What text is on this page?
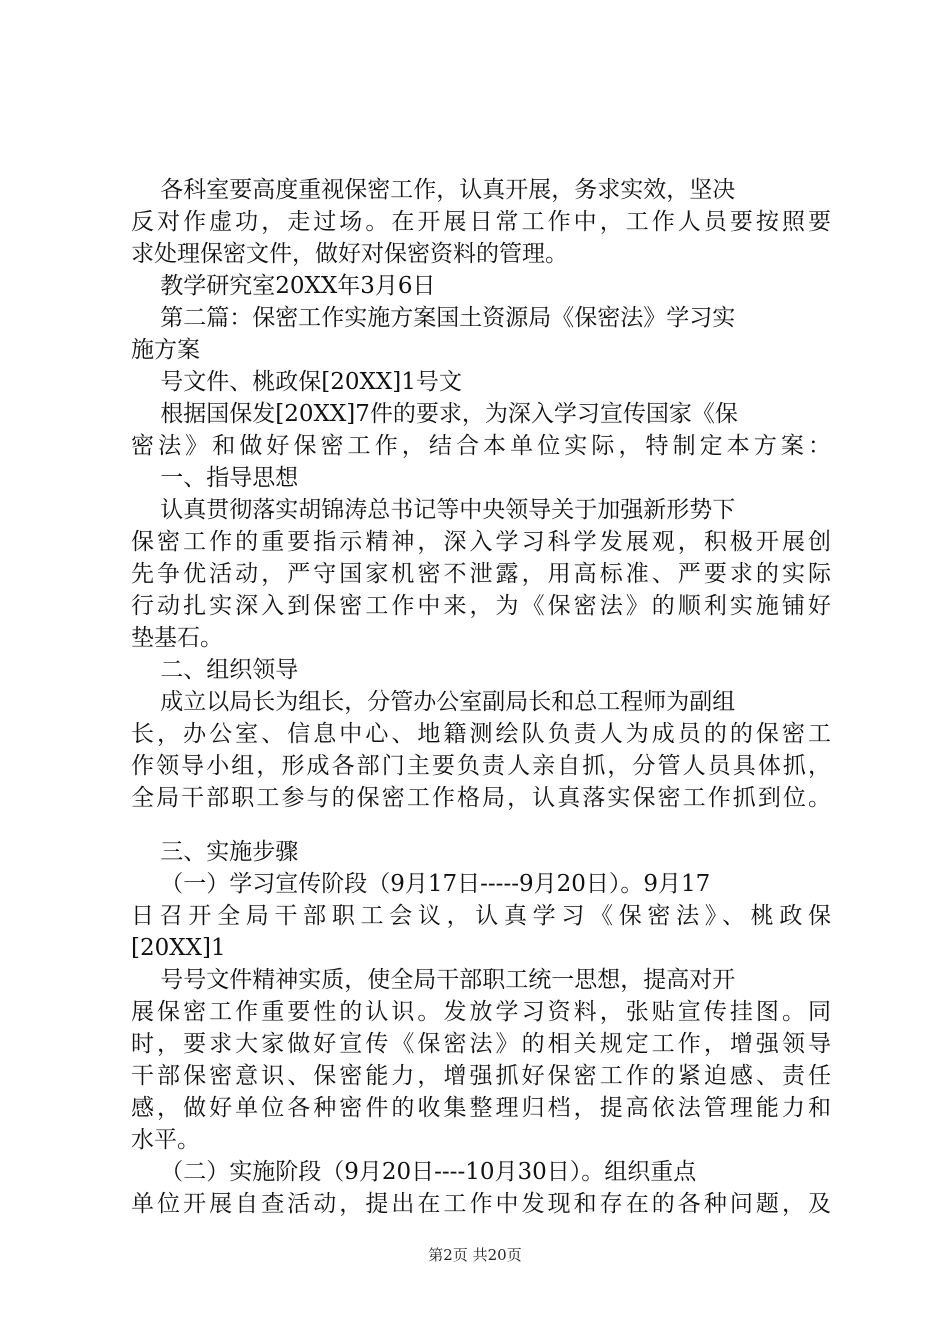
各科室要高度重视保密工作，认真开展，务求实效，坚决
反对作虚功，走过场。在开展日常工作中，工作人员要按照要
求处理保密文件，做好对保密资料的管理。
教学研究室20XX年3月6日
第二篇：保密工作实施方案国土资源局《保密法》学习实
施方案
号文件、桃政保[20XX]1号文
根据国保发[20XX]7件的要求，为深入学习宣传国家《保
密法》和做好保密工作，结合本单位实际，特制定本方案：
一、指导思想
认真贯彻落实胡锦涛总书记等中央领导关于加强新形势下
保密工作的重要指示精神，深入学习科学发展观，积极开展创
先争优活动，严守国家机密不泄露，用高标准、严要求的实际
行动扎实深入到保密工作中来，为《保密法》的顺利实施铺好
垫基石。
二、组织领导
成立以局长为组长，分管办公室副局长和总工程师为副组
长，办公室、信息中心、地籍测绘队负责人为成员的的保密工
作领导小组，形成各部门主要负责人亲自抓，分管人员具体抓，
全局干部职工参与的保密工作格局，认真落实保密工作抓到位。
三、实施步骤
（一）学习宣传阶段（9月17日-----9月20日）。9月17
日召开全局干部职工会议，认真学习《保密法》、桃政保
[20XX]1
号号文件精神实质，使全局干部职工统一思想，提高对开
展保密工作重要性的认识。发放学习资料，张贴宣传挂图。同
时，要求大家做好宣传《保密法》的相关规定工作，增强领导
干部保密意识、保密能力，增强抓好保密工作的紧迫感、责任
感，做好单位各种密件的收集整理归档，提高依法管理能力和
水平。
（二）实施阶段（9月20日----10月30日）。组织重点
单位开展自查活动，提出在工作中发现和存在的各种问题，及
第2页 共20页
